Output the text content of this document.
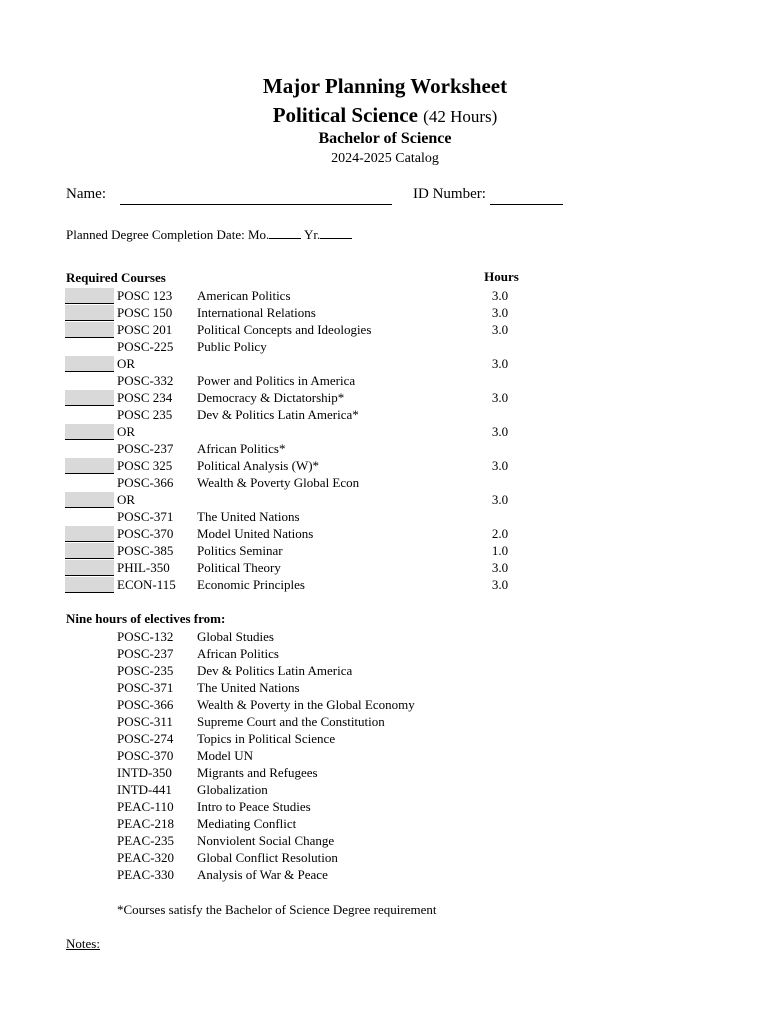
Major Planning Worksheet
Political Science (42 Hours)
Bachelor of Science
2024-2025 Catalog
Name:	ID Number:
Planned Degree Completion Date: Mo.	Yr.
Required Courses	Hours
POSC 123 American Politics	3.0
POSC 150 International Relations	3.0
POSC 201 Political Concepts and Ideologies	3.0
POSC-225 Public Policy
OR	3.0
POSC-332 Power and Politics in America
POSC 234 Democracy & Dictatorship*	3.0
POSC 235 Dev & Politics Latin America*
OR	3.0
POSC-237 African Politics*
POSC 325 Political Analysis (W)*	3.0
POSC-366 Wealth & Poverty Global Econ
OR	3.0
POSC-371 The United Nations
POSC-370 Model United Nations	2.0
POSC-385 Politics Seminar	1.0
PHIL-350 Political Theory	3.0
ECON-115 Economic Principles	3.0
Nine hours of electives from:
POSC-132 Global Studies
POSC-237 African Politics
POSC-235 Dev & Politics Latin America
POSC-371 The United Nations
POSC-366 Wealth & Poverty in the Global Economy
POSC-311 Supreme Court and the Constitution
POSC-274 Topics in Political Science
POSC-370 Model UN
INTD-350 Migrants and Refugees
INTD-441 Globalization
PEAC-110 Intro to Peace Studies
PEAC-218 Mediating Conflict
PEAC-235 Nonviolent Social Change
PEAC-320 Global Conflict Resolution
PEAC-330 Analysis of War & Peace
*Courses satisfy the Bachelor of Science Degree requirement
Notes:
